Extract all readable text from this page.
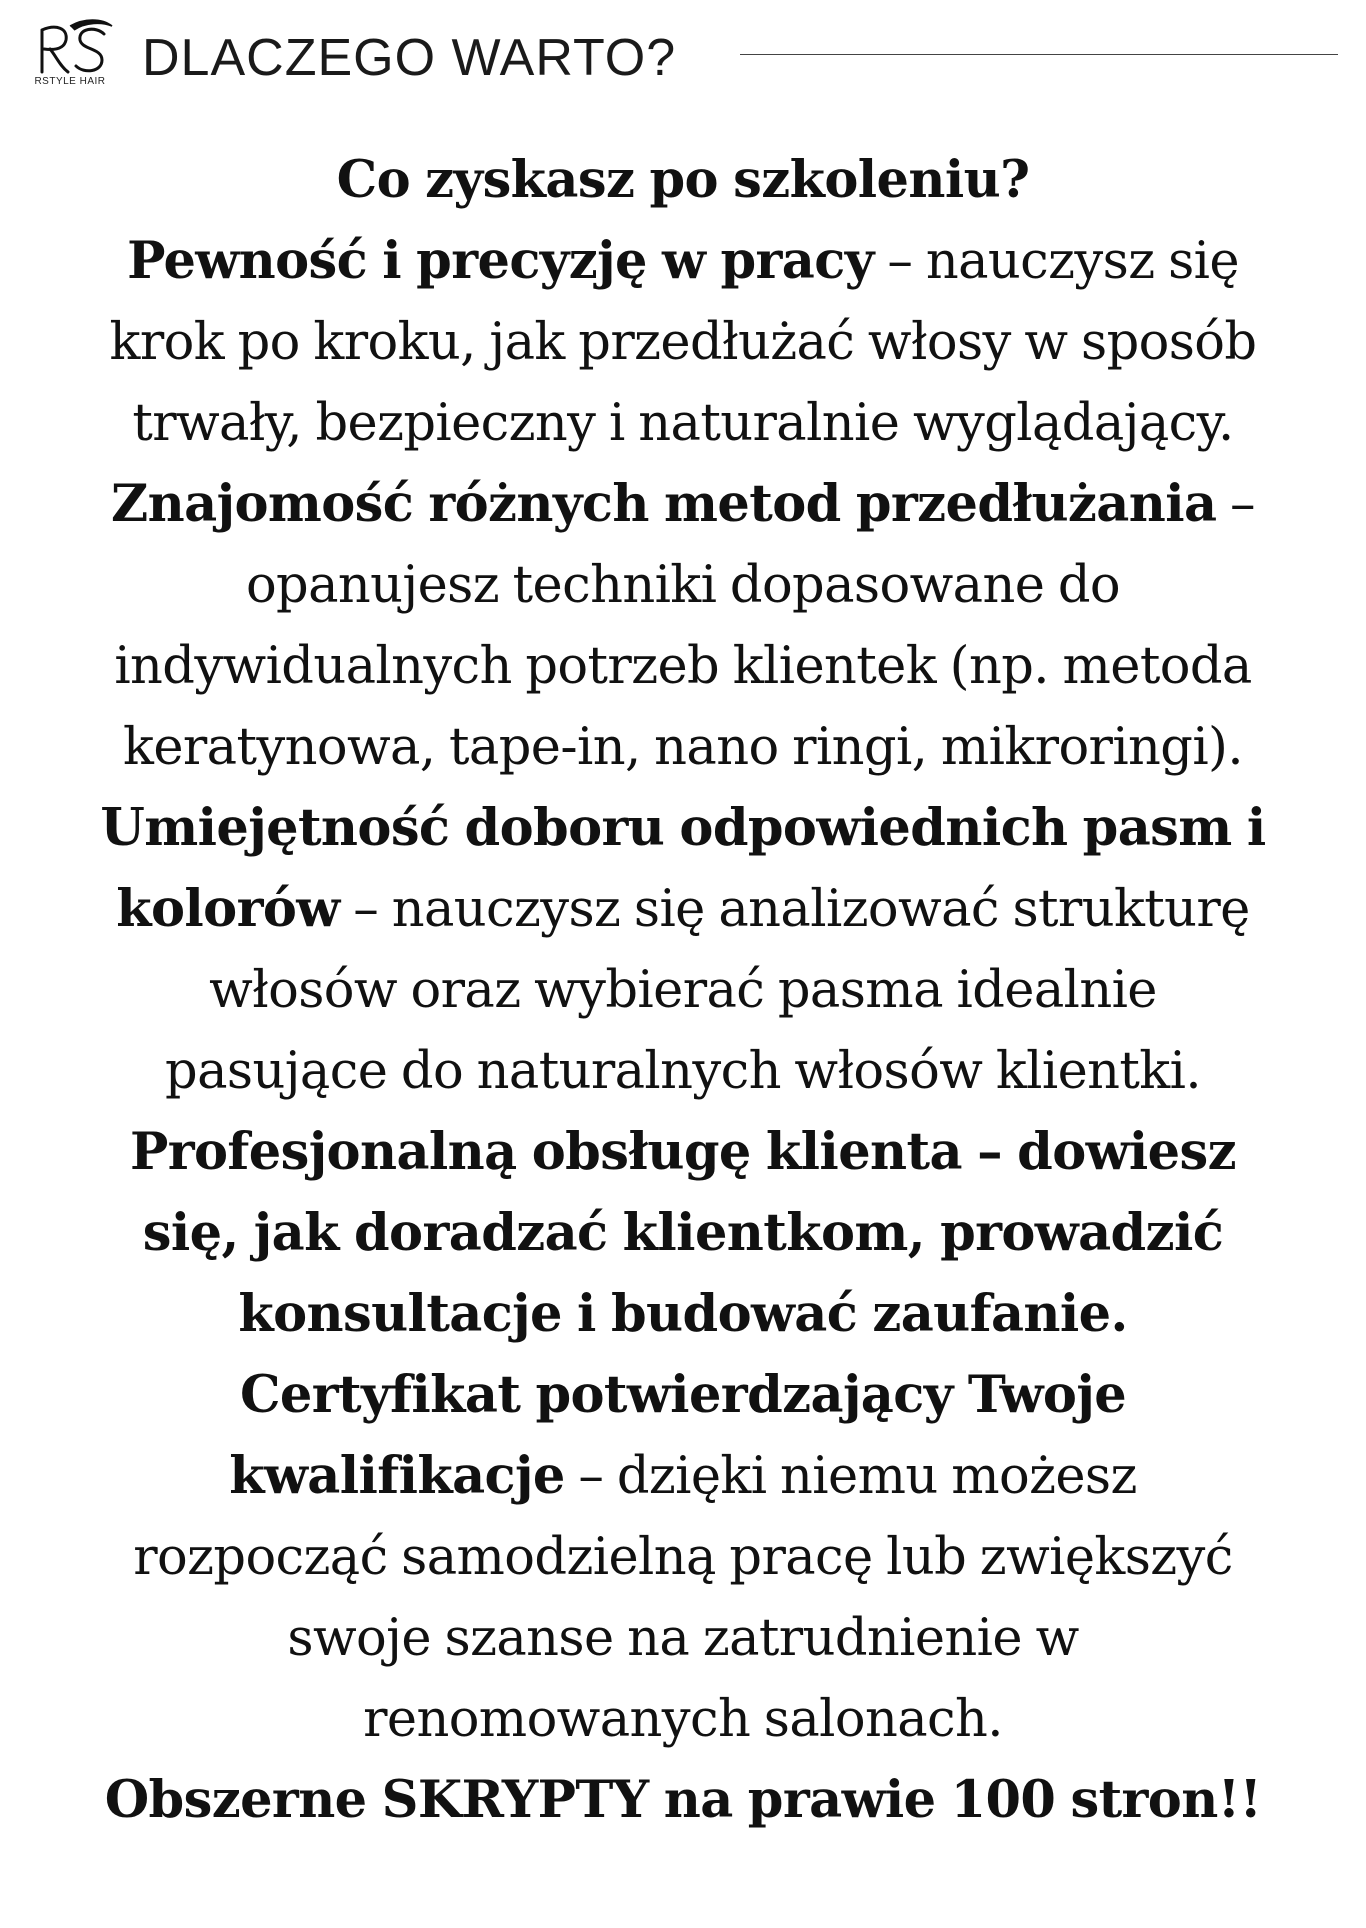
RSTYLE HAIR DLACZEGO WARTO?

Co zyskasz po szkoleniu?

Pewność i precyzję w pracy – nauczysz się

krok po kroku, jak przedłużać włosy w sposób

trwały, bezpieczny i naturalnie wyglądający.

Znajomość różnych metod przedłużania –

opanujesz techniki dopasowane do

indywidualnych potrzeb klientek (np. metoda

keratynowa, tape-in, nano ringi, mikroringi).

Umiejętność doboru odpowiednich pasm i

kolorów – nauczysz się analizować strukturę

włosów oraz wybierać pasma idealnie

pasujące do naturalnych włosów klientki.

Profesjonalną obsługę klienta – dowiesz

się, jak doradzać klientkom, prowadzić

konsultacje i budować zaufanie.

Certyfikat potwierdzający Twoje

kwalifikacje – dzięki niemu możesz

rozpocząć samodzielną pracę lub zwiększyć

swoje szanse na zatrudnienie w

renomowanych salonach.

Obszerne SKRYPTY na prawie 100 stron!!
